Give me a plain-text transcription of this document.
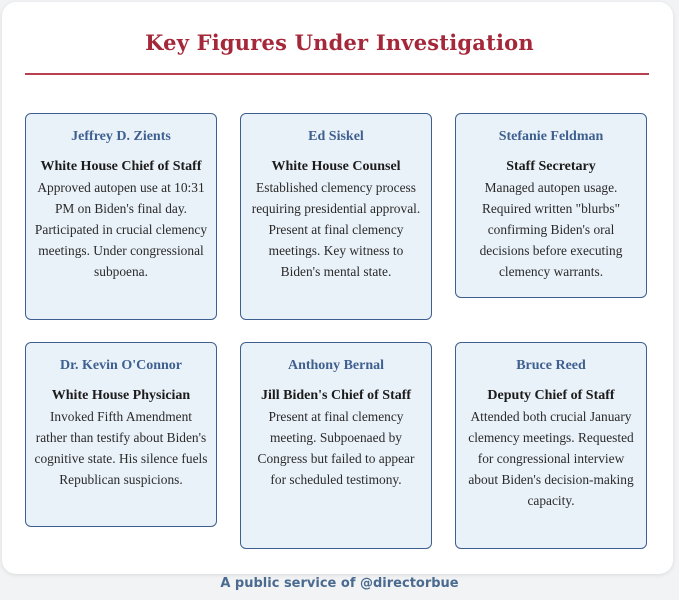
Key Figures Under Investigation
Jeffrey D. Zients
White House Chief of Staff
Approved autopen use at 10:31 PM on Biden's final day. Participated in crucial clemency meetings. Under congressional subpoena.
Ed Siskel
White House Counsel
Established clemency process requiring presidential approval. Present at final clemency meetings. Key witness to Biden's mental state.
Stefanie Feldman
Staff Secretary
Managed autopen usage. Required written "blurbs" confirming Biden's oral decisions before executing clemency warrants.
Dr. Kevin O'Connor
White House Physician
Invoked Fifth Amendment rather than testify about Biden's cognitive state. His silence fuels Republican suspicions.
Anthony Bernal
Jill Biden's Chief of Staff
Present at final clemency meeting. Subpoenaed by Congress but failed to appear for scheduled testimony.
Bruce Reed
Deputy Chief of Staff
Attended both crucial January clemency meetings. Requested for congressional interview about Biden's decision-making capacity.
A public service of @directorbue
